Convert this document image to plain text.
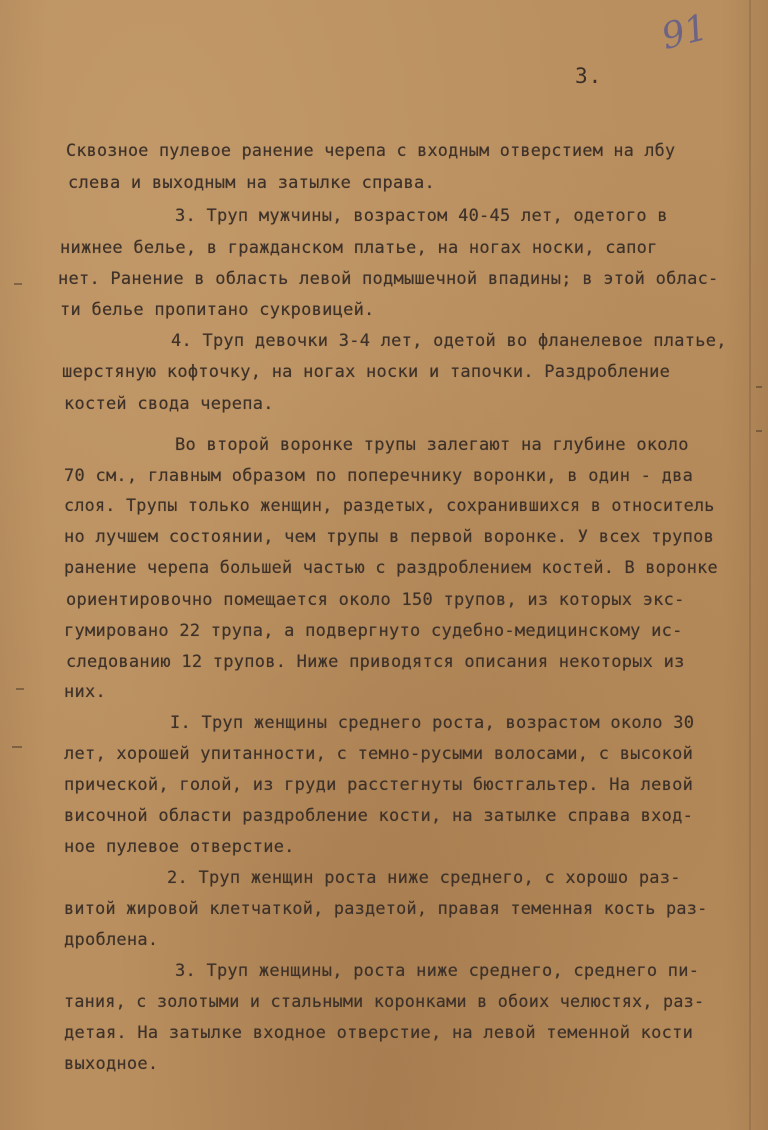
91
3.
Сквозное пулевое ранение черепа с входным отверстием на лбу
слева и выходным на затылке справа.
3. Труп мужчины, возрастом 40-45 лет, одетого в
нижнее белье, в гражданском платье, на ногах носки, сапог
нет. Ранение в область левой подмышечной впадины; в этой облас-
ти белье пропитано сукровицей.
4. Труп девочки 3-4 лет, одетой во фланелевое платье,
шерстяную кофточку, на ногах носки и тапочки. Раздробление
костей свода черепа.
Во второй воронке трупы залегают на глубине около
70 см., главным образом по поперечнику воронки, в один - два
слоя. Трупы только женщин, раздетых, сохранившихся в относитель
но лучшем состоянии, чем трупы в первой воронке. У всех трупов
ранение черепа большей частью с раздроблением костей. В воронке
ориентировочно помещается около 150 трупов, из которых экс-
гумировано 22 трупа, а подвергнуто судебно-медицинскому ис-
следованию 12 трупов. Ниже приводятся описания некоторых из
них.
I. Труп женщины среднего роста, возрастом около 30
лет, хорошей упитанности, с темно-русыми волосами, с высокой
прической, голой, из груди расстегнуты бюстгальтер. На левой
височной области раздробление кости, на затылке справа вход-
ное пулевое отверстие.
2. Труп женщин роста ниже среднего, с хорошо раз-
витой жировой клетчаткой, раздетой, правая теменная кость раз-
дроблена.
3. Труп женщины, роста ниже среднего, среднего пи-
тания, с золотыми и стальными коронками в обоих челюстях, раз-
детая. На затылке входное отверстие, на левой теменной кости
выходное.
